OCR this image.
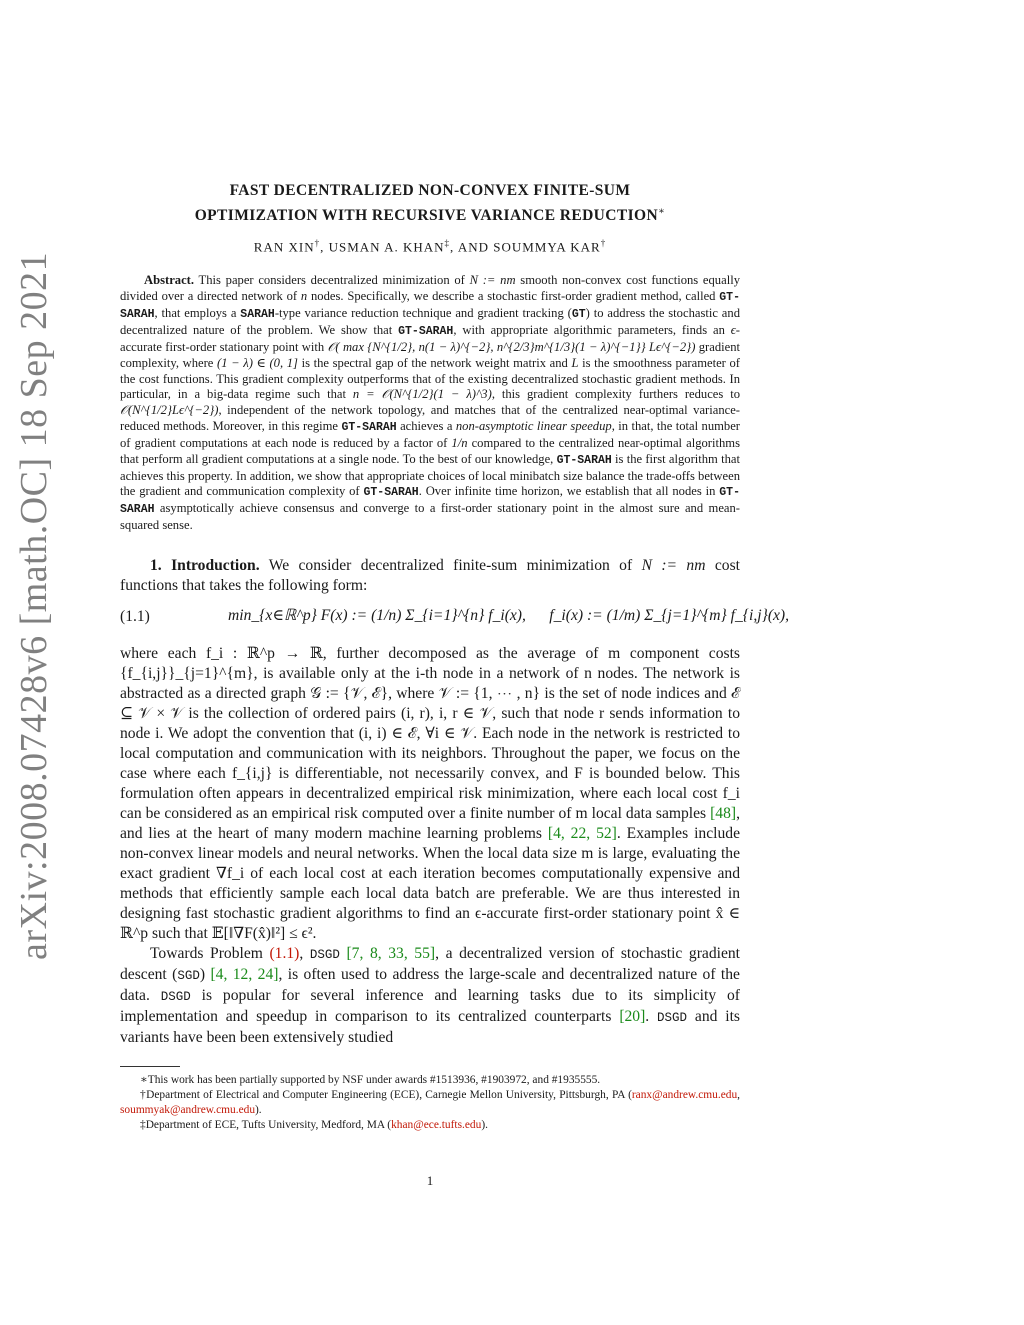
arXiv:2008.07428v6 [math.OC] 18 Sep 2021
FAST DECENTRALIZED NON-CONVEX FINITE-SUM
OPTIMIZATION WITH RECURSIVE VARIANCE REDUCTION∗
RAN XIN†, USMAN A. KHAN‡, AND SOUMMYA KAR†
Abstract. This paper considers decentralized minimization of N := nm smooth non-convex cost functions equally divided over a directed network of n nodes. Specifically, we describe a stochastic first-order gradient method, called GT-SARAH, that employs a SARAH-type variance reduction technique and gradient tracking (GT) to address the stochastic and decentralized nature of the problem. We show that GT-SARAH, with appropriate algorithmic parameters, finds an ϵ-accurate first-order stationary point with 𝒪( max {N^{1/2}, n(1 − λ)^{−2}, n^{2/3}m^{1/3}(1 − λ)^{−1}} Lϵ^{−2}) gradient complexity, where (1 − λ) ∈ (0, 1] is the spectral gap of the network weight matrix and L is the smoothness parameter of the cost functions. This gradient complexity outperforms that of the existing decentralized stochastic gradient methods. In particular, in a big-data regime such that n = 𝒪(N^{1/2}(1 − λ)^3), this gradient complexity furthers reduces to 𝒪(N^{1/2}Lϵ^{−2}), independent of the network topology, and matches that of the centralized near-optimal variance-reduced methods. Moreover, in this regime GT-SARAH achieves a non-asymptotic linear speedup, in that, the total number of gradient computations at each node is reduced by a factor of 1/n compared to the centralized near-optimal algorithms that perform all gradient computations at a single node. To the best of our knowledge, GT-SARAH is the first algorithm that achieves this property. In addition, we show that appropriate choices of local minibatch size balance the trade-offs between the gradient and communication complexity of GT-SARAH. Over infinite time horizon, we establish that all nodes in GT-SARAH asymptotically achieve consensus and converge to a first-order stationary point in the almost sure and mean-squared sense.
1. Introduction. We consider decentralized finite-sum minimization of N := nm cost functions that takes the following form:
(1.1)	min_{x∈ℝ^p} F(x) := (1/n) Σ_{i=1}^{n} f_i(x), f_i(x) := (1/m) Σ_{j=1}^{m} f_{i,j}(x),
where each f_i : ℝ^p → ℝ, further decomposed as the average of m component costs {f_{i,j}}_{j=1}^{m}, is available only at the i-th node in a network of n nodes. The network is abstracted as a directed graph 𝒢 := {𝒱, ℰ}, where 𝒱 := {1, ⋯ , n} is the set of node indices and ℰ ⊆ 𝒱 × 𝒱 is the collection of ordered pairs (i, r), i, r ∈ 𝒱, such that node r sends information to node i. We adopt the convention that (i, i) ∈ ℰ, ∀i ∈ 𝒱. Each node in the network is restricted to local computation and communication with its neighbors. Throughout the paper, we focus on the case where each f_{i,j} is differentiable, not necessarily convex, and F is bounded below. This formulation often appears in decentralized empirical risk minimization, where each local cost f_i can be considered as an empirical risk computed over a finite number of m local data samples [48], and lies at the heart of many modern machine learning problems [4, 22, 52]. Examples include non-convex linear models and neural networks. When the local data size m is large, evaluating the exact gradient ∇f_i of each local cost at each iteration becomes computationally expensive and methods that efficiently sample each local data batch are preferable. We are thus interested in designing fast stochastic gradient algorithms to find an ϵ-accurate first-order stationary point x̂ ∈ ℝ^p such that 𝔼[‖∇F(x̂)‖²] ≤ ϵ².
Towards Problem (1.1), DSGD [7, 8, 33, 55], a decentralized version of stochastic gradient descent (SGD) [4, 12, 24], is often used to address the large-scale and decentralized nature of the data. DSGD is popular for several inference and learning tasks due to its simplicity of implementation and speedup in comparison to its centralized counterparts [20]. DSGD and its variants have been been extensively studied

∗This work has been partially supported by NSF under awards #1513936, #1903972, and #1935555.

†Department of Electrical and Computer Engineering (ECE), Carnegie Mellon University, Pittsburgh, PA (ranx@andrew.cmu.edu, soummyak@andrew.cmu.edu).

‡Department of ECE, Tufts University, Medford, MA (khan@ece.tufts.edu).

1
